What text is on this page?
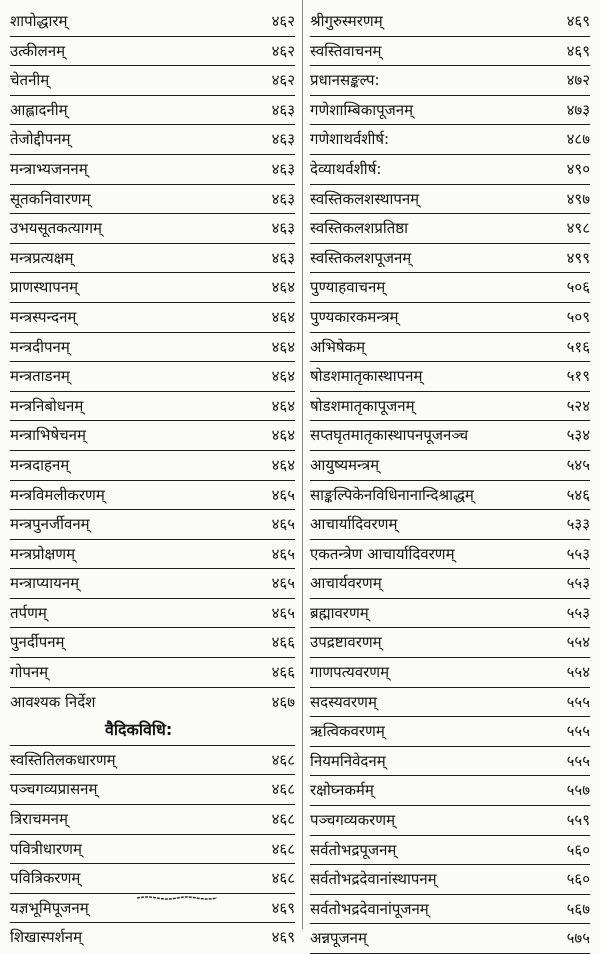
शापोद्धारम्	४६२
उत्कीलनम्	४६२
चेतनीम्	४६२
आह्लादनीम्	४६३
तेजोद्दीपनम्	४६३
मन्त्राभ्यजननम्	४६३
सूतकनिवारणम्	४६३
उभयसूतकत्यागम्	४६३
मन्त्रप्रत्यक्षम्	४६३
प्राणस्थापनम्	४६४
मन्त्रस्पन्दनम्	४६४
मन्त्रदीपनम्	४६४
मन्त्रताडनम्	४६४
मन्त्रनिबोधनम्	४६४
मन्त्राभिषेचनम्	४६४
मन्त्रदाहनम्	४६४
मन्त्रविमलीकरणम्	४६५
मन्त्रपुनर्जीवनम्	४६५
मन्त्रप्रोक्षणम्	४६५
मन्त्राप्यायनम्	४६५
तर्पणम्	४६५
पुनर्दीपनम्	४६६
गोपनम्	४६६
आवश्यक निर्देश	४६७
वैदिकविधि:
स्वस्तितिलकधारणम्	४६८
पञ्चगव्यप्रासनम्	४६८
त्रिराचमनम्	४६८
पवित्रीधारणम्	४६८
पवित्रिकरणम्	४६८
यज्ञभूमिपूजनम्	४६९
शिखास्पर्शनम्	४६९
श्रीगुरुस्मरणम्	४६९
स्वस्तिवाचनम्	४६९
प्रधानसङ्कल्प:	४७२
गणेशाम्बिकापूजनम्	४७३
गणेशाथर्वशीर्ष:	४८७
देव्याथर्वशीर्ष:	४९०
स्वस्तिकलशस्थापनम्	४९७
स्वस्तिकलशप्रतिष्ठा	४९८
स्वस्तिकलशपूजनम्	४९९
पुण्याहवाचनम्	५०६
पुण्यकारकमन्त्रम्	५०९
अभिषेकम्	५१६
षोडशमातृकास्थापनम्	५१९
षोडशमातृकापूजनम्	५२४
सप्तघृतमातृकास्थापनपूजनञ्च	५३४
आयुष्यमन्त्रम्	५४५
साङ्कल्पिकेनविधिनानान्दिश्राद्धम्	५४६
आचार्यादिवरणम्	५३३
एकतन्त्रेण आचार्यादिवरणम्	५५३
आचार्यवरणम्	५५३
ब्रह्मावरणम्	५५३
उपद्रष्टावरणम्	५५४
गाणपत्यवरणम्	५५४
सदस्यवरणम्	५५५
ऋत्विकवरणम्	५५५
नियमनिवेदनम्	५५५
रक्षोघ्नकर्मम्	५५७
पञ्चगव्यकरणम्	५५९
सर्वतोभद्रपूजनम्	५६०
सर्वतोभद्रदेवानांस्थापनम्	५६०
सर्वतोभद्रदेवानांपूजनम्	५६७
अन्नपूजनम्	५७५
